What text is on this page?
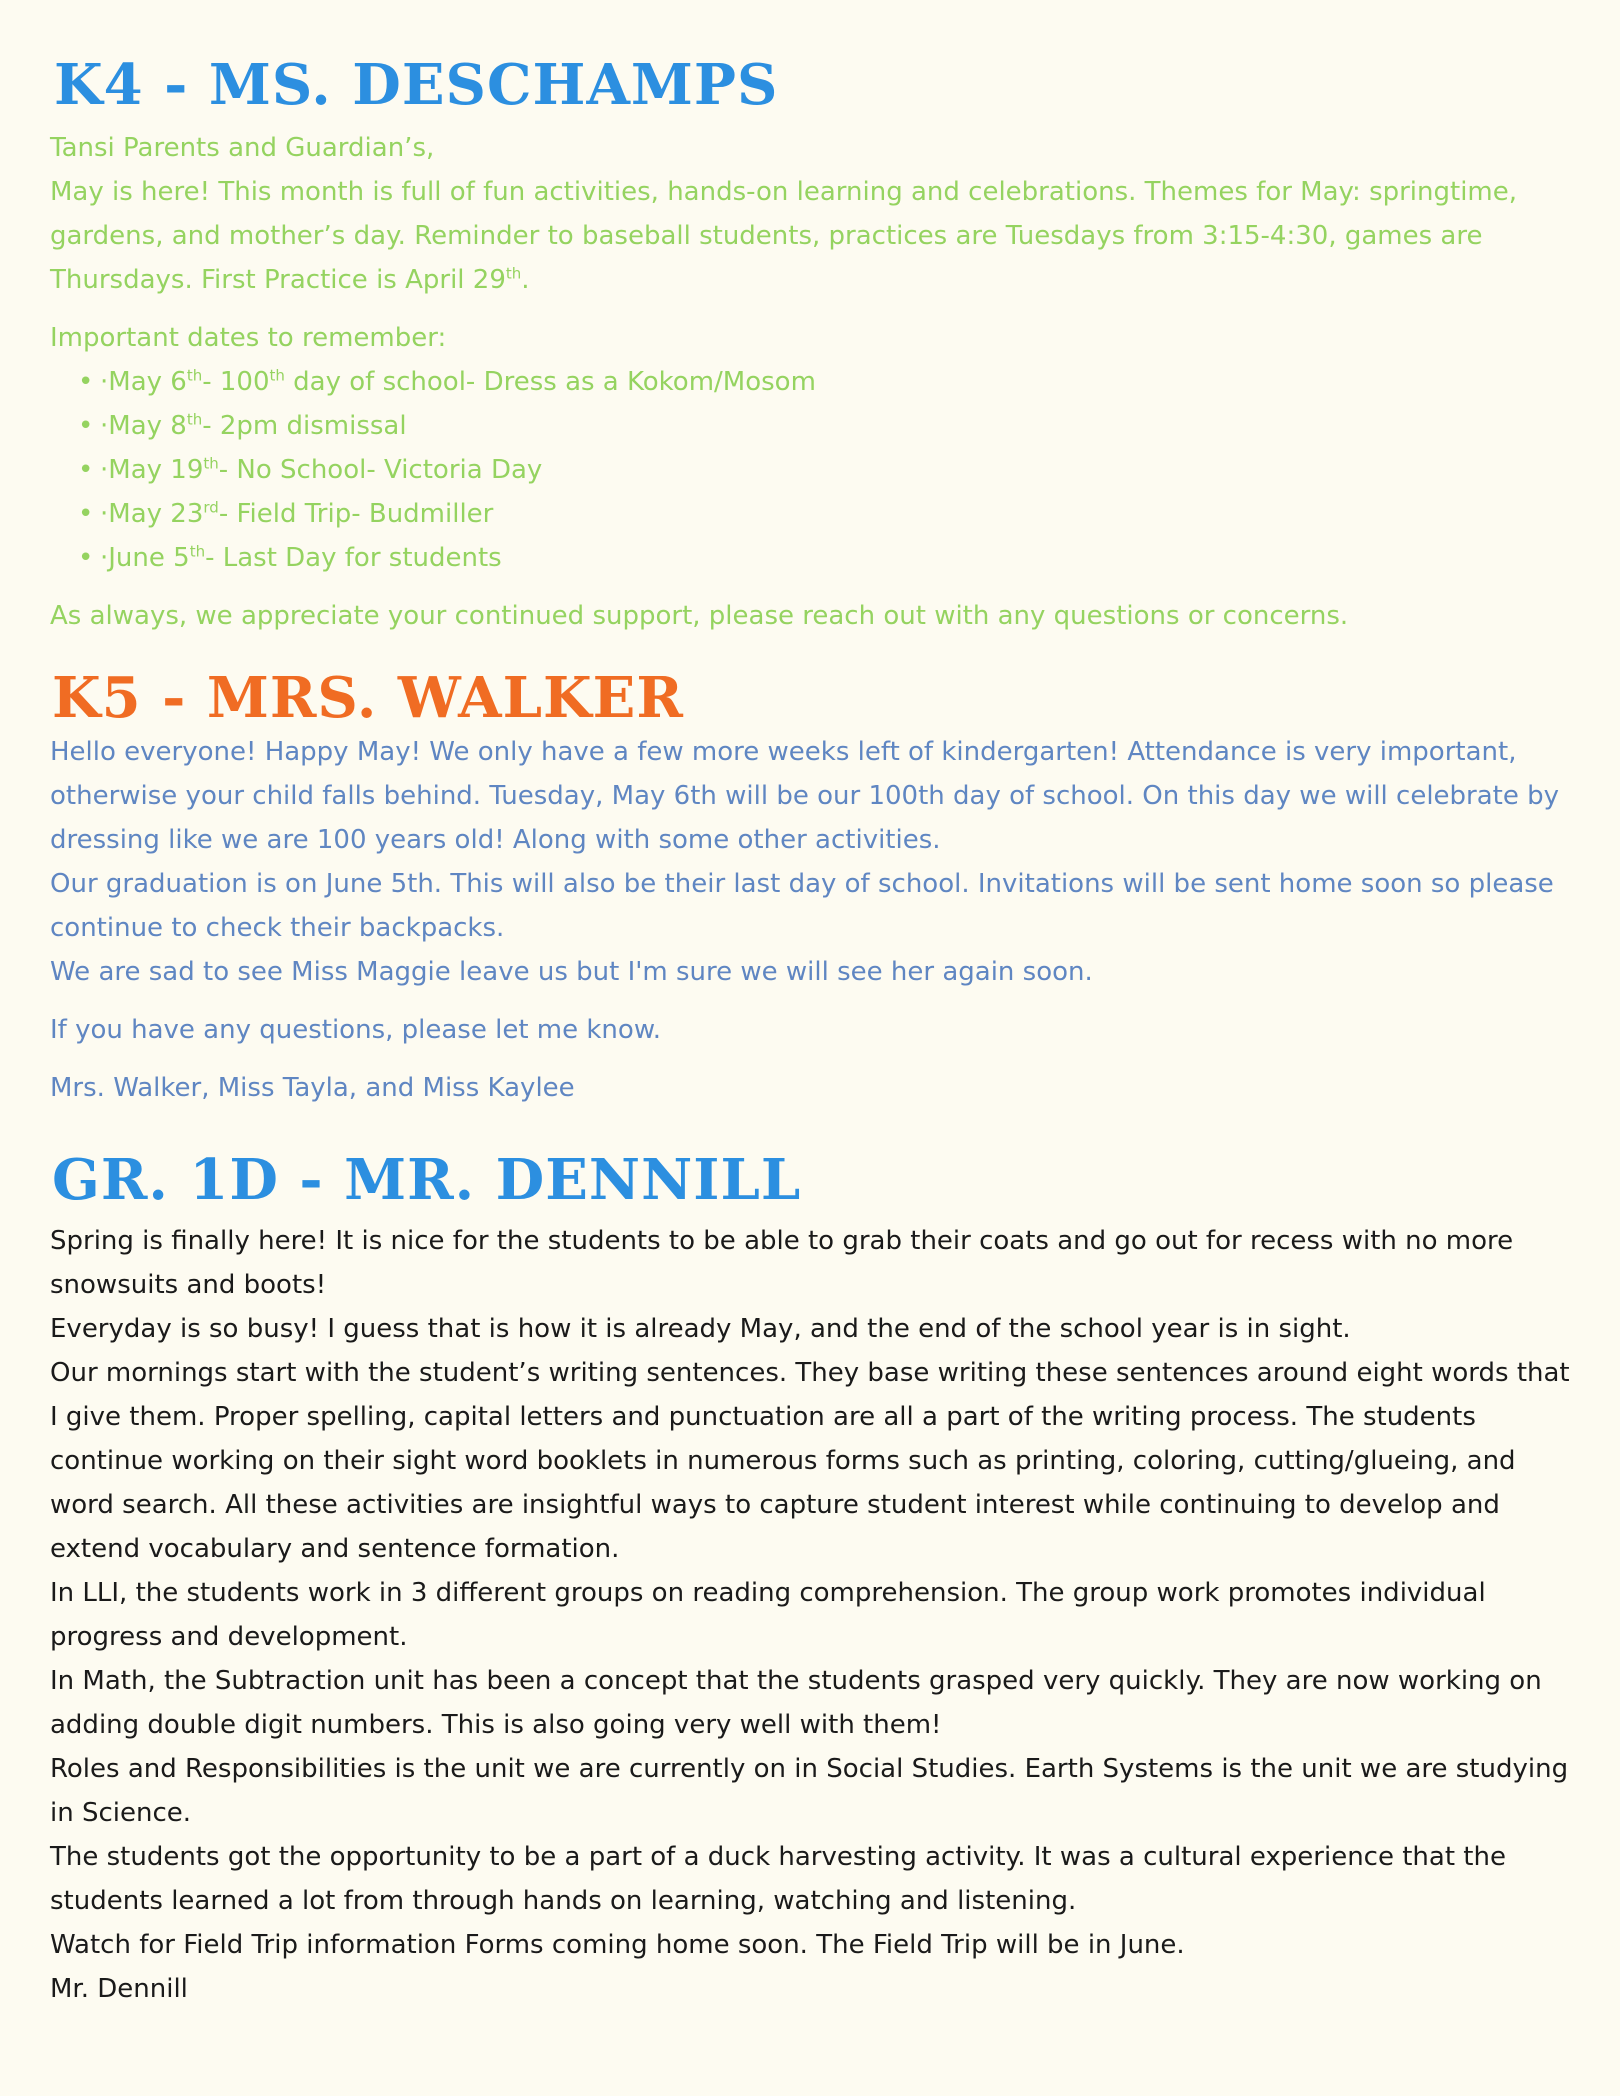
K4 - MS. DESCHAMPS

Tansi Parents and Guardian’s,

May is here! This month is full of fun activities, hands-on learning and celebrations. Themes for May: springtime, gardens, and mother’s day. Reminder to baseball students, practices are Tuesdays from 3:15-4:30, games are Thursdays. First Practice is April 29th.

Important dates to remember:

• ·May 6th- 100th day of school- Dress as a Kokom/Mosom
• ·May 8th- 2pm dismissal
• ·May 19th- No School- Victoria Day
• ·May 23rd- Field Trip- Budmiller
• ·June 5th- Last Day for students

As always, we appreciate your continued support, please reach out with any questions or concerns.

K5 - MRS. WALKER

Hello everyone! Happy May! We only have a few more weeks left of kindergarten! Attendance is very important, otherwise your child falls behind. Tuesday, May 6th will be our 100th day of school. On this day we will celebrate by dressing like we are 100 years old! Along with some other activities.

Our graduation is on June 5th. This will also be their last day of school. Invitations will be sent home soon so please continue to check their backpacks.

We are sad to see Miss Maggie leave us but I'm sure we will see her again soon.

If you have any questions, please let me know.

Mrs. Walker, Miss Tayla, and Miss Kaylee

GR. 1D - MR. DENNILL

Spring is finally here! It is nice for the students to be able to grab their coats and go out for recess with no more snowsuits and boots!

Everyday is so busy! I guess that is how it is already May, and the end of the school year is in sight.

Our mornings start with the student’s writing sentences. They base writing these sentences around eight words that I give them. Proper spelling, capital letters and punctuation are all a part of the writing process. The students continue working on their sight word booklets in numerous forms such as printing, coloring, cutting/glueing, and word search. All these activities are insightful ways to capture student interest while continuing to develop and extend vocabulary and sentence formation.

In LLI, the students work in 3 different groups on reading comprehension. The group work promotes individual progress and development.

In Math, the Subtraction unit has been a concept that the students grasped very quickly. They are now working on adding double digit numbers. This is also going very well with them!

Roles and Responsibilities is the unit we are currently on in Social Studies. Earth Systems is the unit we are studying in Science.

The students got the opportunity to be a part of a duck harvesting activity. It was a cultural experience that the students learned a lot from through hands on learning, watching and listening.

Watch for Field Trip information Forms coming home soon. The Field Trip will be in June.

Mr. Dennill
